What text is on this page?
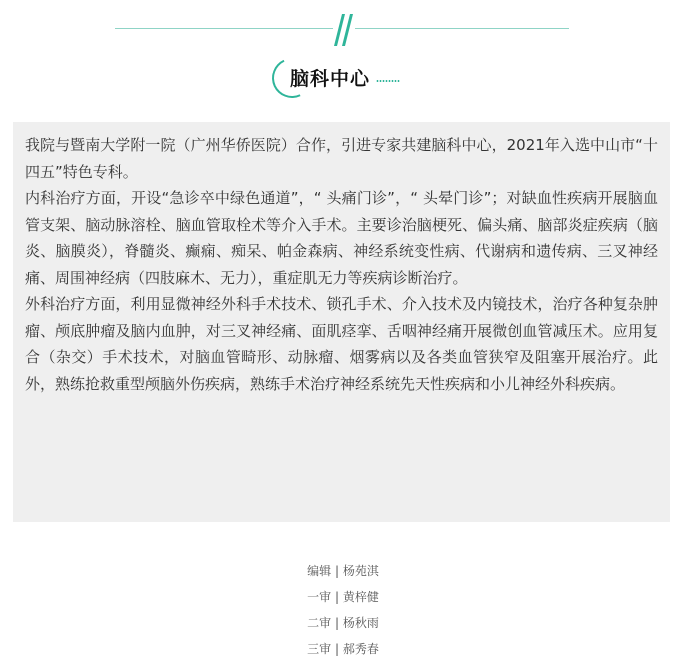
脑科中心

我院与暨南大学附一院（广州华侨医院）合作，引进专家共建脑科中心，2021年入选中山市“十四五”特色专科。

内科治疗方面，开设“急诊卒中绿色通道”，“ 头痛门诊”，“ 头晕门诊”；对缺血性疾病开展脑血管支架、脑动脉溶栓、脑血管取栓术等介入手术。主要诊治脑梗死、偏头痛、脑部炎症疾病（脑炎、脑膜炎），脊髓炎、癫痫、痴呆、帕金森病、神经系统变性病、代谢病和遗传病、三叉神经痛、周围神经病（四肢麻木、无力），重症肌无力等疾病诊断治疗。

外科治疗方面，利用显微神经外科手术技术、锁孔手术、介入技术及内镜技术，治疗各种复杂肿瘤、颅底肿瘤及脑内血肿，对三叉神经痛、面肌痉挛、舌咽神经痛开展微创血管减压术。应用复合（杂交）手术技术，对脑血管畸形、动脉瘤、烟雾病以及各类血管狭窄及阻塞开展治疗。此外，熟练抢救重型颅脑外伤疾病，熟练手术治疗神经系统先天性疾病和小儿神经外科疾病。

编辑 | 杨苑淇
一审 | 黄梓健
二审 | 杨秋雨
三审 | 郝秀春
